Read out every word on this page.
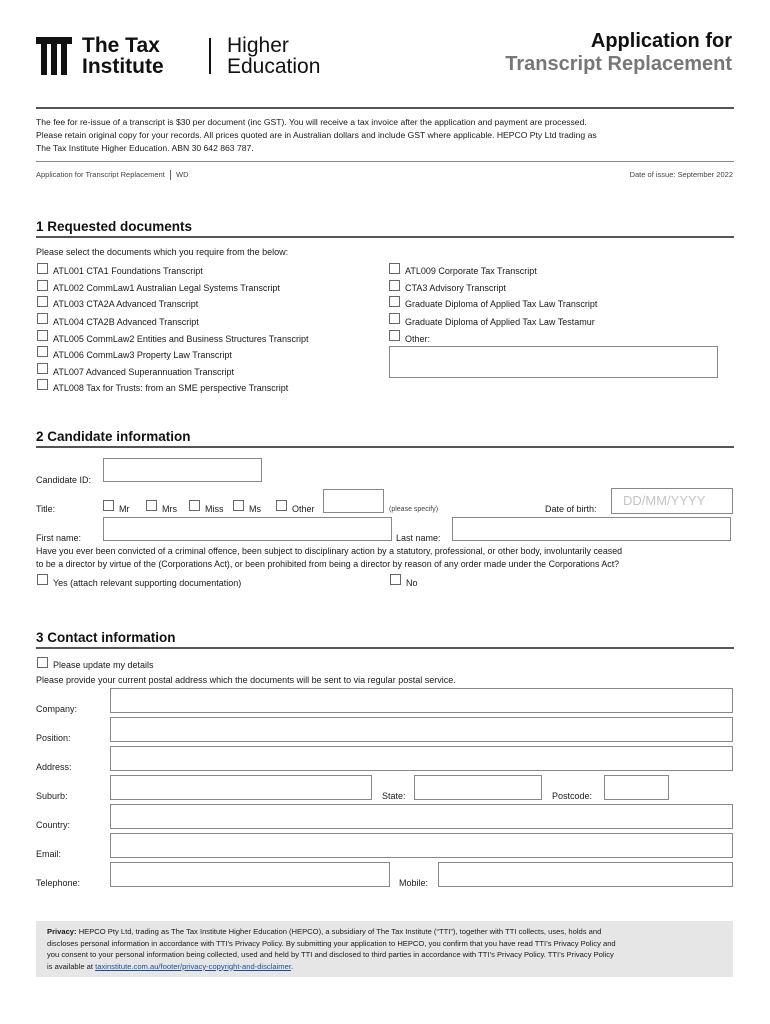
The Tax
Institute
Higher
Education
Application for
Transcript Replacement
The fee for re-issue of a transcript is $30 per document (inc GST). You will receive a tax invoice after the application and payment are processed.
Please retain original copy for your records. All prices quoted are in Australian dollars and include GST where applicable. HEPCO Pty Ltd trading as
The Tax Institute Higher Education. ABN 30 642 863 787.
Application for Transcript Replacement WD	Date of issue: September 2022
1 Requested documents
Please select the documents which you require from the below:
ATL001 CTA1 Foundations Transcript
ATL002 CommLaw1 Australian Legal Systems Transcript
ATL003 CTA2A Advanced Transcript
ATL004 CTA2B Advanced Transcript
ATL005 CommLaw2 Entities and Business Structures Transcript
ATL006 CommLaw3 Property Law Transcript
ATL007 Advanced Superannuation Transcript
ATL008 Tax for Trusts: from an SME perspective Transcript
ATL009 Corporate Tax Transcript
CTA3 Advisory Transcript
Graduate Diploma of Applied Tax Law Transcript
Graduate Diploma of Applied Tax Law Testamur
Other:
2 Candidate information
Candidate ID:
Title:	Mr	Mrs	Miss	Ms	Other	(please specify)	Date of birth:
DD/MM/YYYY
First name:	Last name:
Have you ever been convicted of a criminal offence, been subject to disciplinary action by a statutory, professional, or other body, involuntarily ceased
to be a director by virtue of the (Corporations Act), or been prohibited from being a director by reason of any order made under the Corporations Act?
Yes (attach relevant supporting documentation)	No
3 Contact information
Please update my details
Please provide your current postal address which the documents will be sent to via regular postal service.
Company:
Position:
Address:
Suburb:	State:	Postcode:
Country:
Email:
Telephone:	Mobile:
Privacy: HEPCO Pty Ltd, trading as The Tax Institute Higher Education (HEPCO), a subsidiary of The Tax Institute (“TTI”), together with TTI collects, uses, holds and
discloses personal information in accordance with TTI’s Privacy Policy. By submitting your application to HEPCO, you confirm that you have read TTI’s Privacy Policy and
you consent to your personal information being collected, used and held by TTI and disclosed to third parties in accordance with TTI’s Privacy Policy. TTI’s Privacy Policy
is available at taxinstitute.com.au/footer/privacy-copyright-and-disclaimer.
